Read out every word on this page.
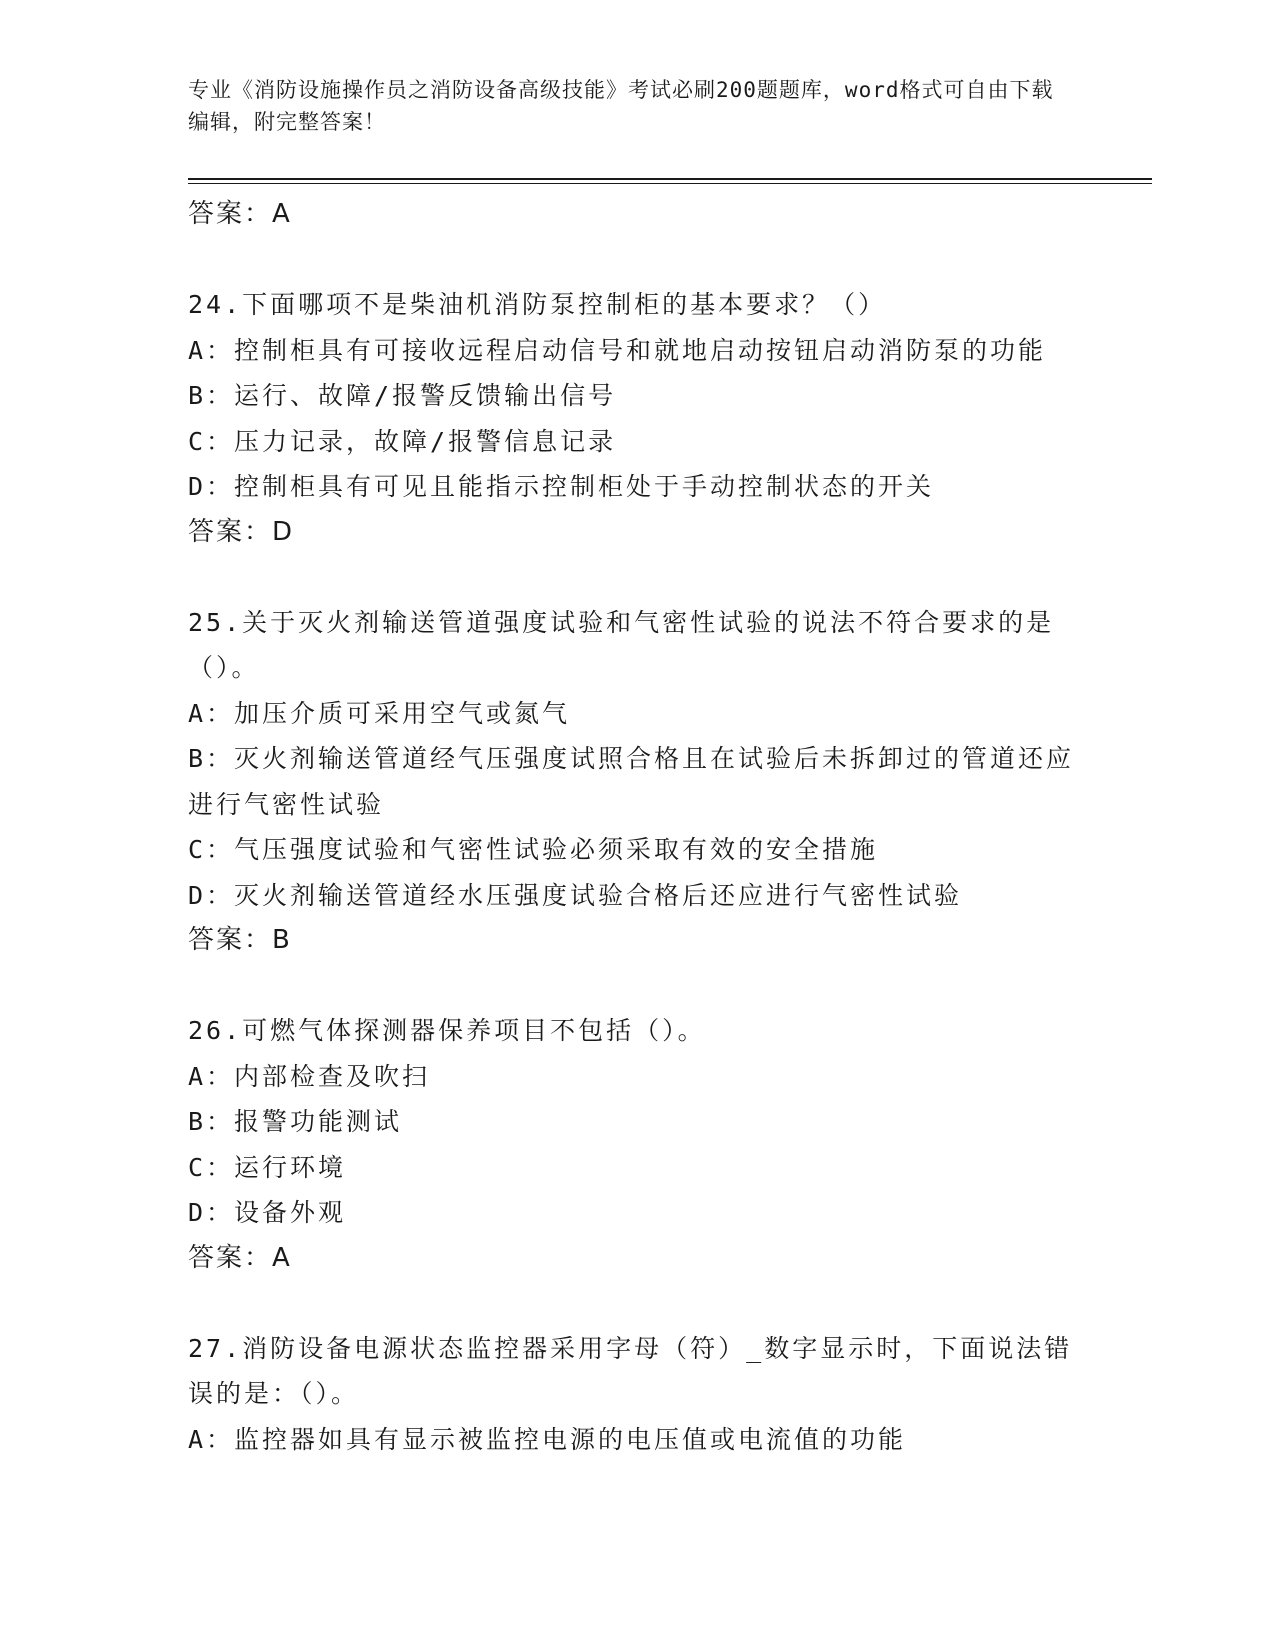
专业《消防设施操作员之消防设备高级技能》考试必刷200题题库，word格式可自由下载编辑，附完整答案！
答案：A
24.下面哪项不是柴油机消防泵控制柜的基本要求？（）
A：控制柜具有可接收远程启动信号和就地启动按钮启动消防泵的功能
B：运行、故障/报警反馈输出信号
C：压力记录，故障/报警信息记录
D：控制柜具有可见且能指示控制柜处于手动控制状态的开关
答案：D
25.关于灭火剂输送管道强度试验和气密性试验的说法不符合要求的是（）。
A：加压介质可采用空气或氮气
B：灭火剂输送管道经气压强度试照合格且在试验后未拆卸过的管道还应进行气密性试验
C：气压强度试验和气密性试验必须采取有效的安全措施
D：灭火剂输送管道经水压强度试验合格后还应进行气密性试验
答案：B
26.可燃气体探测器保养项目不包括（）。
A：内部检查及吹扫
B：报警功能测试
C：运行环境
D：设备外观
答案：A
27.消防设备电源状态监控器采用字母（符）_数字显示时，下面说法错误的是：（）。
A：监控器如具有显示被监控电源的电压值或电流值的功能
